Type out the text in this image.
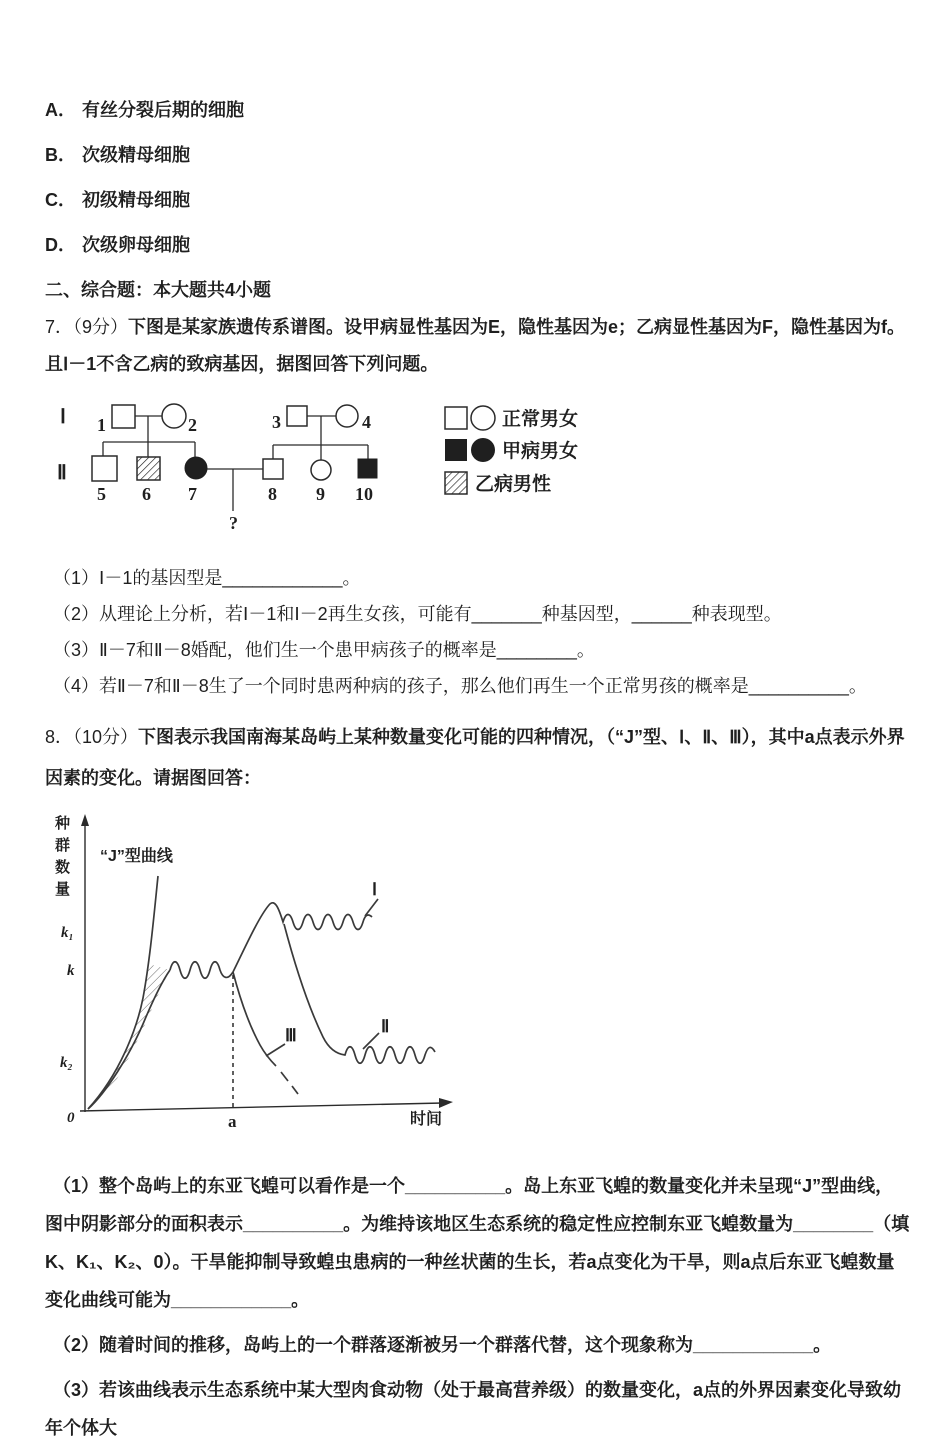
A． 有丝分裂后期的细胞

B． 次级精母细胞

C． 初级精母细胞

D． 次级卵母细胞

二、综合题：本大题共4小题

7．（9分）下图是某家族遗传系谱图。设甲病显性基因为E，隐性基因为e；乙病显性基因为F，隐性基因为f。且Ⅰ－1不含乙病的致病基因，据图回答下列问题。

Ⅰ
Ⅱ
1	2	3	4
5 6 7	8 9 10
?
正常男女
甲病男女
乙病男性

（1）Ⅰ－1的基因型是____________。

（2）从理论上分析，若Ⅰ－1和Ⅰ－2再生女孩，可能有_______种基因型，______种表现型。

（3）Ⅱ－7和Ⅱ－8婚配，他们生一个患甲病孩子的概率是________。

（4）若Ⅱ－7和Ⅱ－8生了一个同时患两种病的孩子，那么他们再生一个正常男孩的概率是__________。

8．（10分）下图表示我国南海某岛屿上某种数量变化可能的四种情况，（“J”型、Ⅰ、Ⅱ、Ⅲ），其中a点表示外界因素的变化。请据图回答：

种
群
数
量
k₁
k
k₂
0
“J”型曲线
Ⅰ
Ⅱ
Ⅲ
a	时间

（1）整个岛屿上的东亚飞蝗可以看作是一个__________。岛上东亚飞蝗的数量变化并未呈现“J”型曲线，图中阴影部分的面积表示__________。为维持该地区生态系统的稳定性应控制东亚飞蝗数量为________（填K、K₁、K₂、0）。干旱能抑制导致蝗虫患病的一种丝状菌的生长，若a点变化为干旱，则a点后东亚飞蝗数量变化曲线可能为____________。

（2）随着时间的推移，岛屿上的一个群落逐渐被另一个群落代替，这个现象称为____________。

（3）若该曲线表示生态系统中某大型肉食动物（处于最高营养级）的数量变化，a点的外界因素变化导致幼年个体大
